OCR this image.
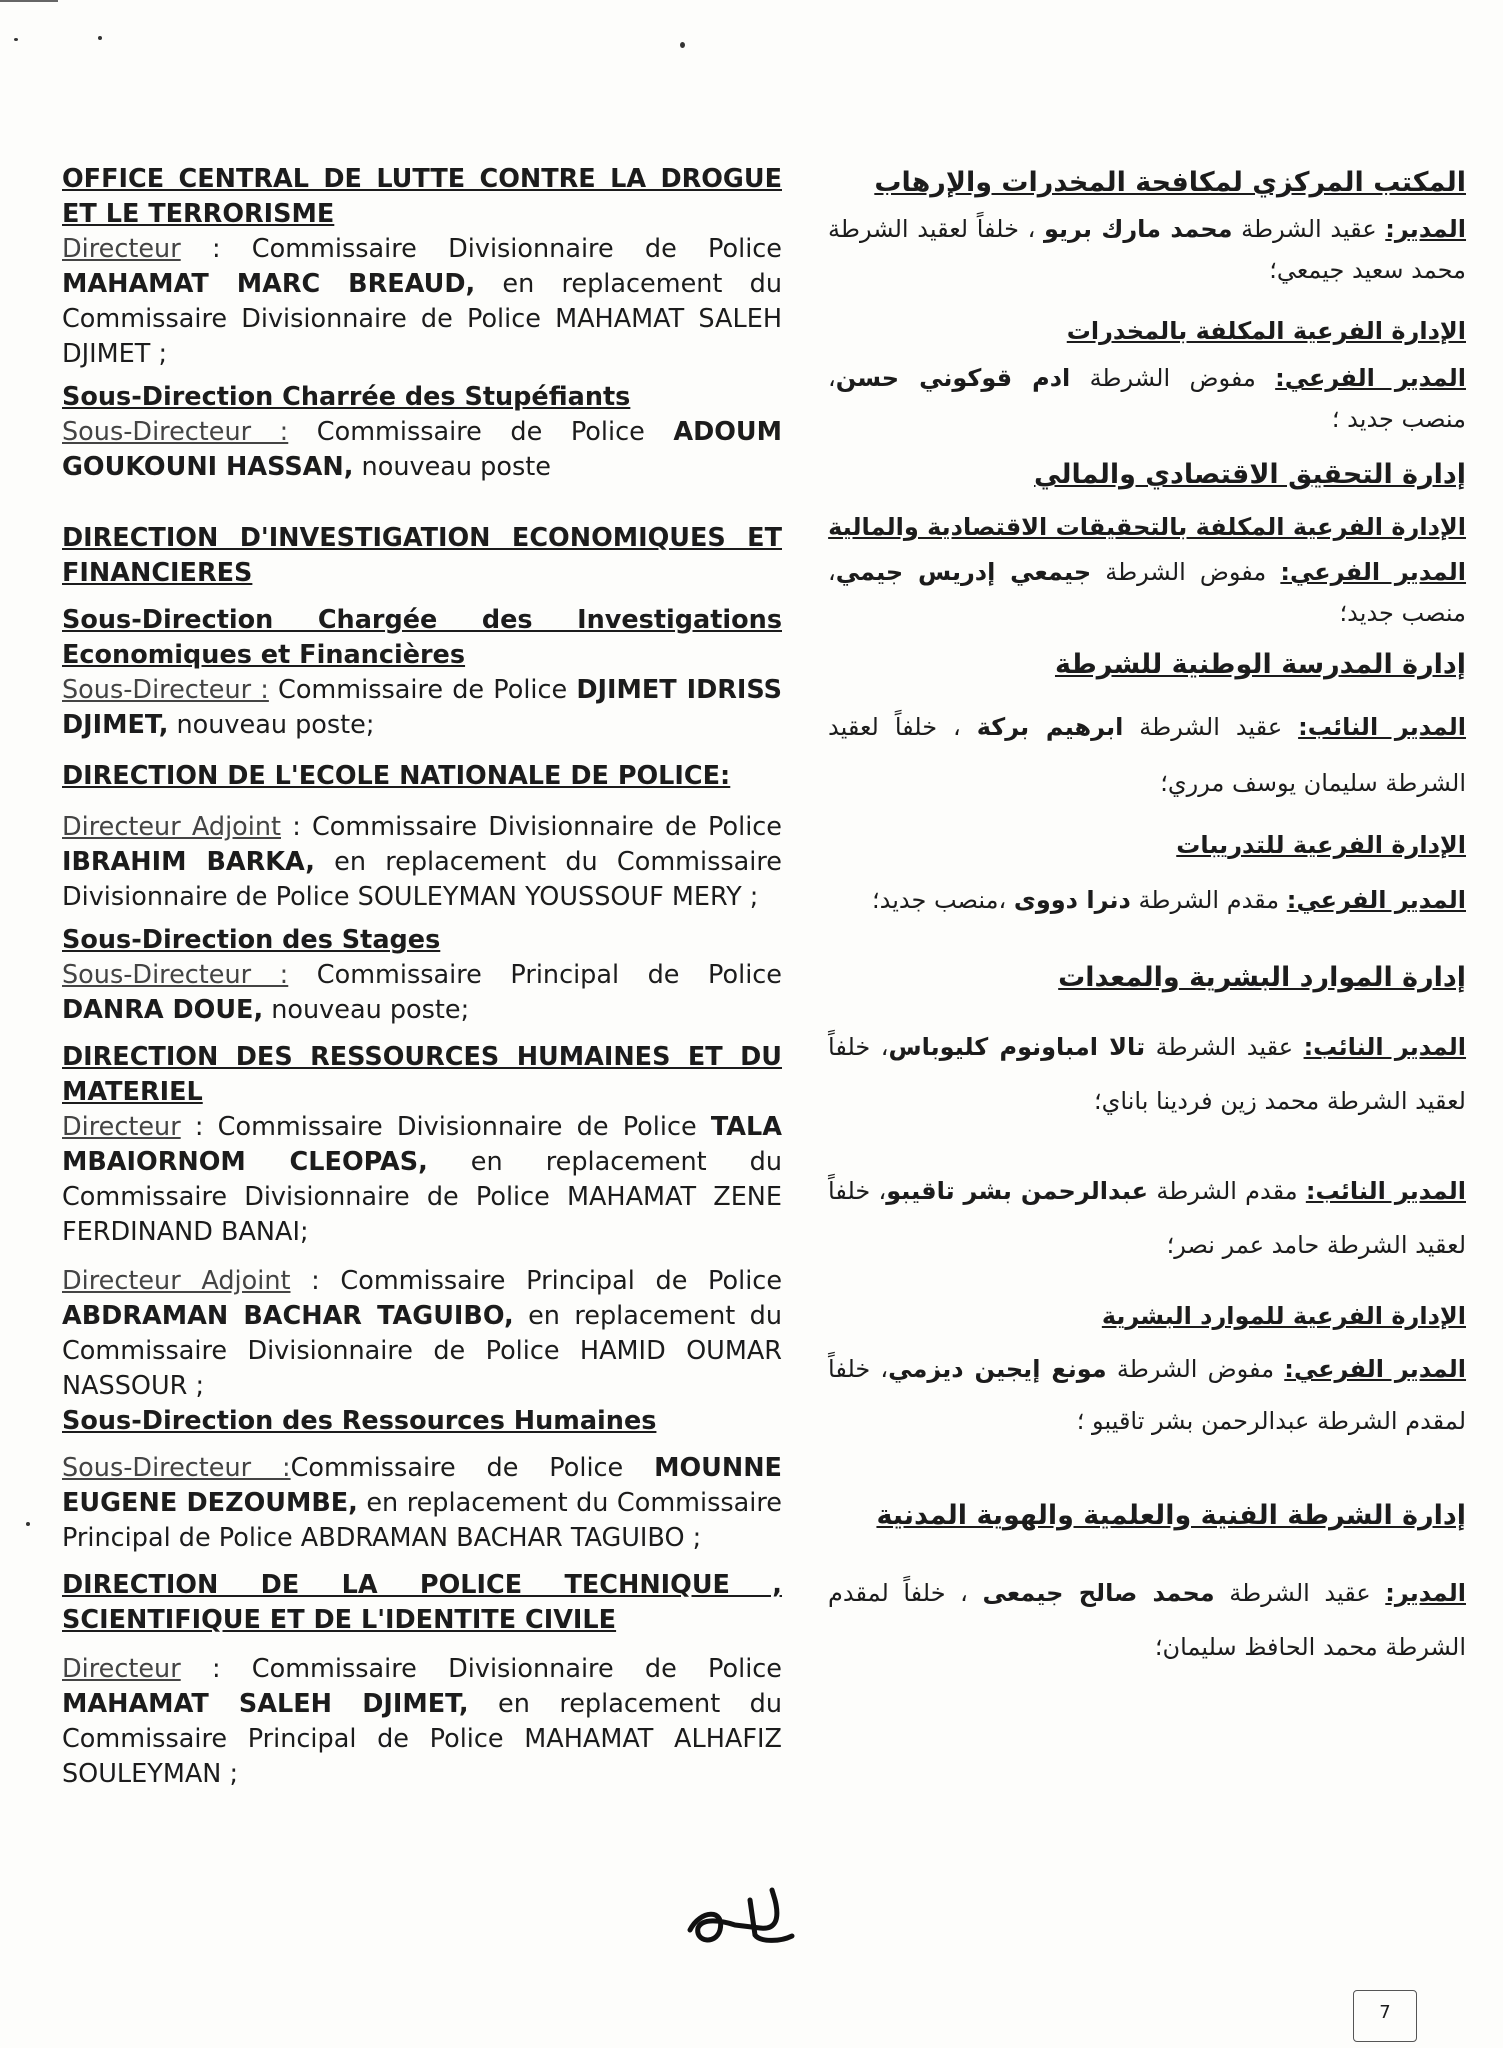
OFFICE CENTRAL DE LUTTE CONTRE LA DROGUE ET LE TERRORISME

Directeur : Commissaire Divisionnaire de Police MAHAMAT MARC BREAUD, en replacement du Commissaire Divisionnaire de Police MAHAMAT SALEH DJIMET ;

Sous-Direction Charrée des Stupéfiants

Sous-Directeur : Commissaire de Police ADOUM GOUKOUNI HASSAN, nouveau poste

DIRECTION D'INVESTIGATION ECONOMIQUES ET FINANCIERES

Sous-Direction Chargée des Investigations Economiques et Financières

Sous-Directeur : Commissaire de Police DJIMET IDRISS DJIMET, nouveau poste;

DIRECTION DE L'ECOLE NATIONALE DE POLICE:

Directeur Adjoint : Commissaire Divisionnaire de Police IBRAHIM BARKA, en replacement du Commissaire Divisionnaire de Police SOULEYMAN YOUSSOUF MERY ;

Sous-Direction des Stages

Sous-Directeur : Commissaire Principal de Police DANRA DOUE, nouveau poste;

DIRECTION DES RESSOURCES HUMAINES ET DU MATERIEL

Directeur : Commissaire Divisionnaire de Police TALA MBAIORNOM CLEOPAS, en replacement du Commissaire Divisionnaire de Police MAHAMAT ZENE FERDINAND BANAI;

Directeur Adjoint : Commissaire Principal de Police ABDRAMAN BACHAR TAGUIBO, en replacement du Commissaire Divisionnaire de Police HAMID OUMAR NASSOUR ;

Sous-Direction des Ressources Humaines

Sous-Directeur :Commissaire de Police MOUNNE EUGENE DEZOUMBE, en replacement du Commissaire Principal de Police ABDRAMAN BACHAR TAGUIBO ;

DIRECTION DE LA POLICE TECHNIQUE , SCIENTIFIQUE ET DE L'IDENTITE CIVILE

Directeur : Commissaire Divisionnaire de Police MAHAMAT SALEH DJIMET, en replacement du Commissaire Principal de Police MAHAMAT ALHAFIZ SOULEYMAN ;

المكتب المركزي لمكافحة المخدرات والإرهاب

المدير: عقيد الشرطة محمد مارك بريو ، خلفاً لعقيد الشرطة محمد سعيد جيمعي؛

الإدارة الفرعية المكلفة بالمخدرات

المدير الفرعي: مفوض الشرطة ادم قوكوني حسن، منصب جديد ؛

إدارة التحقيق الاقتصادي والمالي

الإدارة الفرعية المكلفة بالتحقيقات الاقتصادية والمالية

المدير الفرعي: مفوض الشرطة جيمعي إدريس جيمي، منصب جديد؛

إدارة المدرسة الوطنية للشرطة

المدير النائب: عقيد الشرطة ابرهيم بركة ، خلفاً لعقيد الشرطة سليمان يوسف مرري؛

الإدارة الفرعية للتدريبات

المدير الفرعي: مقدم الشرطة دنرا دووى ،منصب جديد؛

إدارة الموارد البشرية والمعدات

المدير النائب: عقيد الشرطة تالا امباونوم كليوباس، خلفاً لعقيد الشرطة محمد زين فردينا باناي؛

المدير النائب: مقدم الشرطة عبدالرحمن بشر تاقيبو، خلفاً لعقيد الشرطة حامد عمر نصر؛

الإدارة الفرعية للموارد البشرية

المدير الفرعي: مفوض الشرطة مونع إيجين ديزمي، خلفاً لمقدم الشرطة عبدالرحمن بشر تاقيبو ؛

إدارة الشرطة الفنية والعلمية والهوية المدنية

المدير: عقيد الشرطة محمد صالح جيمعى ، خلفاً لمقدم الشرطة محمد الحافظ سليمان؛

7
